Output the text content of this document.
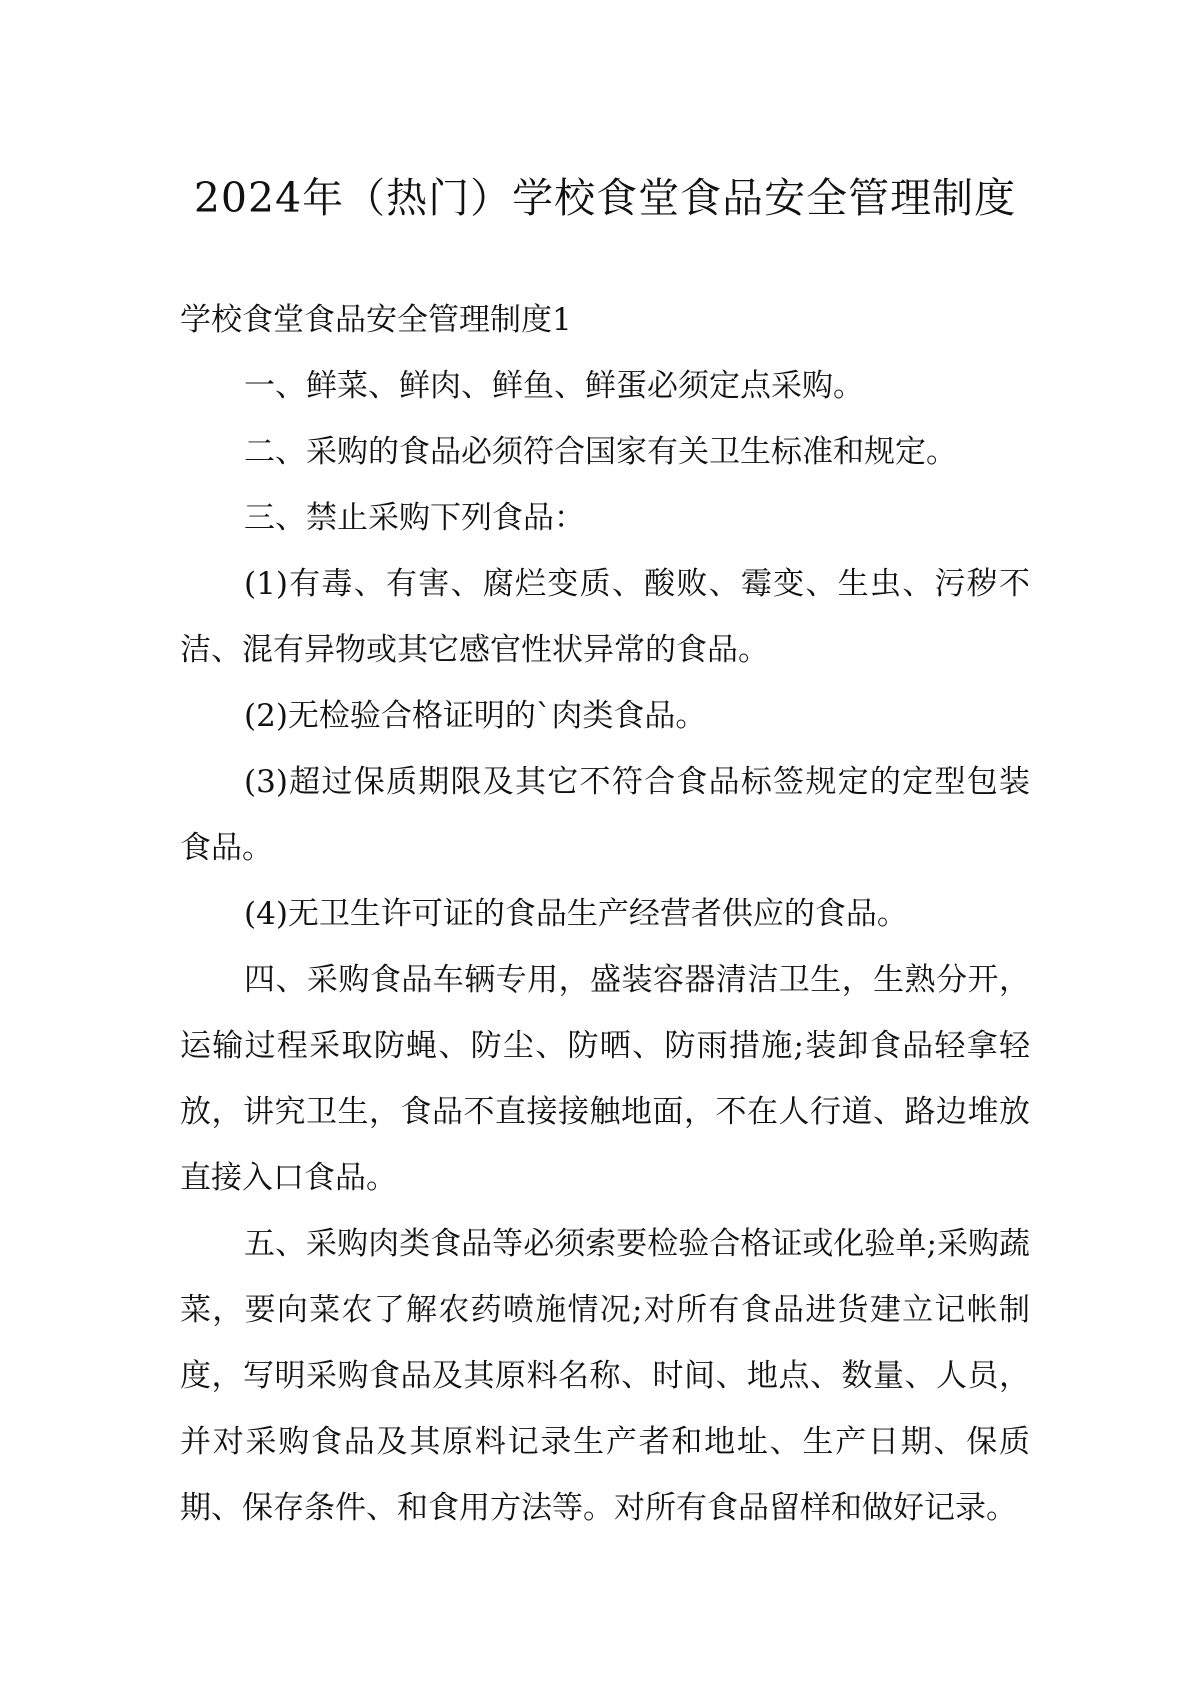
2024年（热门）学校食堂食品安全管理制度

学校食堂食品安全管理制度1

一、鲜菜、鲜肉、鲜鱼、鲜蛋必须定点采购。

二、采购的食品必须符合国家有关卫生标准和规定。

三、禁止采购下列食品：

(1)有毒、有害、腐烂变质、酸败、霉变、生虫、污秽不洁、混有异物或其它感官性状异常的食品。

(2)无检验合格证明的`肉类食品。

(3)超过保质期限及其它不符合食品标签规定的定型包装食品。

(4)无卫生许可证的食品生产经营者供应的食品。

四、采购食品车辆专用，盛装容器清洁卫生，生熟分开，运输过程采取防蝇、防尘、防晒、防雨措施;装卸食品轻拿轻放，讲究卫生，食品不直接接触地面，不在人行道、路边堆放直接入口食品。

五、采购肉类食品等必须索要检验合格证或化验单;采购蔬菜，要向菜农了解农药喷施情况;对所有食品进货建立记帐制度，写明采购食品及其原料名称、时间、地点、数量、人员，并对采购食品及其原料记录生产者和地址、生产日期、保质期、保存条件、和食用方法等。对所有食品留样和做好记录。
